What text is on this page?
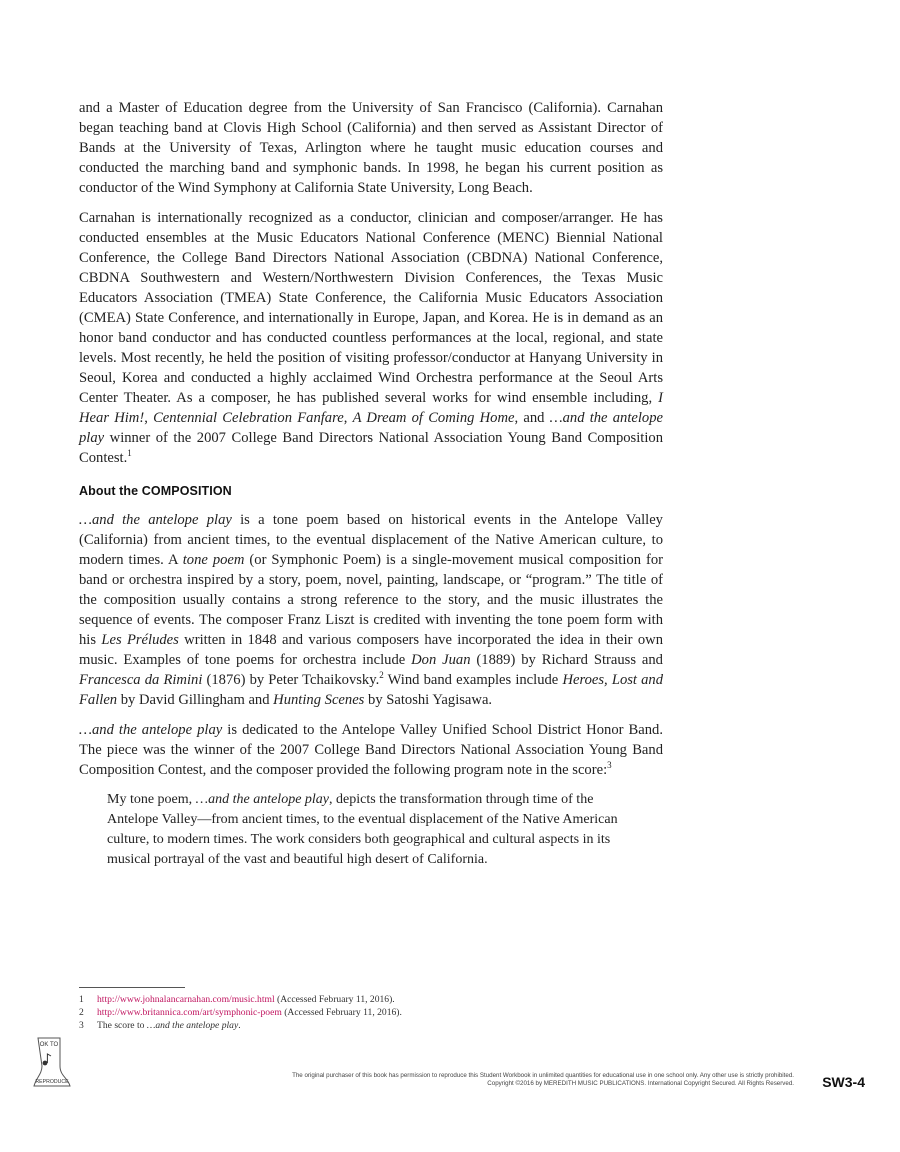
and a Master of Education degree from the University of San Francisco (California). Carnahan began teaching band at Clovis High School (California) and then served as Assistant Director of Bands at the University of Texas, Arlington where he taught music education courses and conducted the marching band and symphonic bands. In 1998, he began his current position as conductor of the Wind Symphony at California State University, Long Beach.

Carnahan is internationally recognized as a conductor, clinician and composer/arranger. He has conducted ensembles at the Music Educators National Conference (MENC) Biennial National Conference, the College Band Directors National Association (CBDNA) National Conference, CBDNA Southwestern and Western/Northwestern Division Conferences, the Texas Music Educators Association (TMEA) State Conference, the California Music Educators Association (CMEA) State Conference, and internationally in Europe, Japan, and Korea. He is in demand as an honor band conductor and has conducted countless performances at the local, regional, and state levels. Most recently, he held the position of visiting professor/conductor at Hanyang University in Seoul, Korea and conducted a highly acclaimed Wind Orchestra performance at the Seoul Arts Center Theater. As a composer, he has published several works for wind ensemble including, I Hear Him!, Centennial Celebration Fanfare, A Dream of Coming Home, and …and the antelope play winner of the 2007 College Band Directors National Association Young Band Composition Contest.$^1$

About the COMPOSITION

…and the antelope play is a tone poem based on historical events in the Antelope Valley (California) from ancient times, to the eventual displacement of the Native American culture, to modern times. A tone poem (or Symphonic Poem) is a single-movement musical composition for band or orchestra inspired by a story, poem, novel, painting, landscape, or “program.” The title of the composition usually contains a strong reference to the story, and the music illustrates the sequence of events. The composer Franz Liszt is credited with inventing the tone poem form with his Les Préludes written in 1848 and various composers have incorporated the idea in their own music. Examples of tone poems for orchestra include Don Juan (1889) by Richard Strauss and Francesca da Rimini (1876) by Peter Tchaikovsky.$^2$ Wind band examples include Heroes, Lost and Fallen by David Gillingham and Hunting Scenes by Satoshi Yagisawa.

…and the antelope play is dedicated to the Antelope Valley Unified School District Honor Band. The piece was the winner of the 2007 College Band Directors National Association Young Band Composition Contest, and the composer provided the following program note in the score:$^3$

My tone poem, …and the antelope play, depicts the transformation through time of the Antelope Valley—from ancient times, to the eventual displacement of the Native American culture, to modern times. The work considers both geographical and cultural aspects in its musical portrayal of the vast and beautiful high desert of California.
1 http://www.johnalancarnahan.com/music.html (Accessed February 11, 2016).
2 http://www.britannica.com/art/symphonic-poem (Accessed February 11, 2016).
3 The score to …and the antelope play.
OK TO
REPRODUCE
The original purchaser of this book has permission to reproduce this Student Workbook in unlimited quantities for educational use in one school only. Any other use is strictly prohibited.
Copyright ©2016 by MEREDITH MUSIC PUBLICATIONS. International Copyright Secured. All Rights Reserved. SW3-4
